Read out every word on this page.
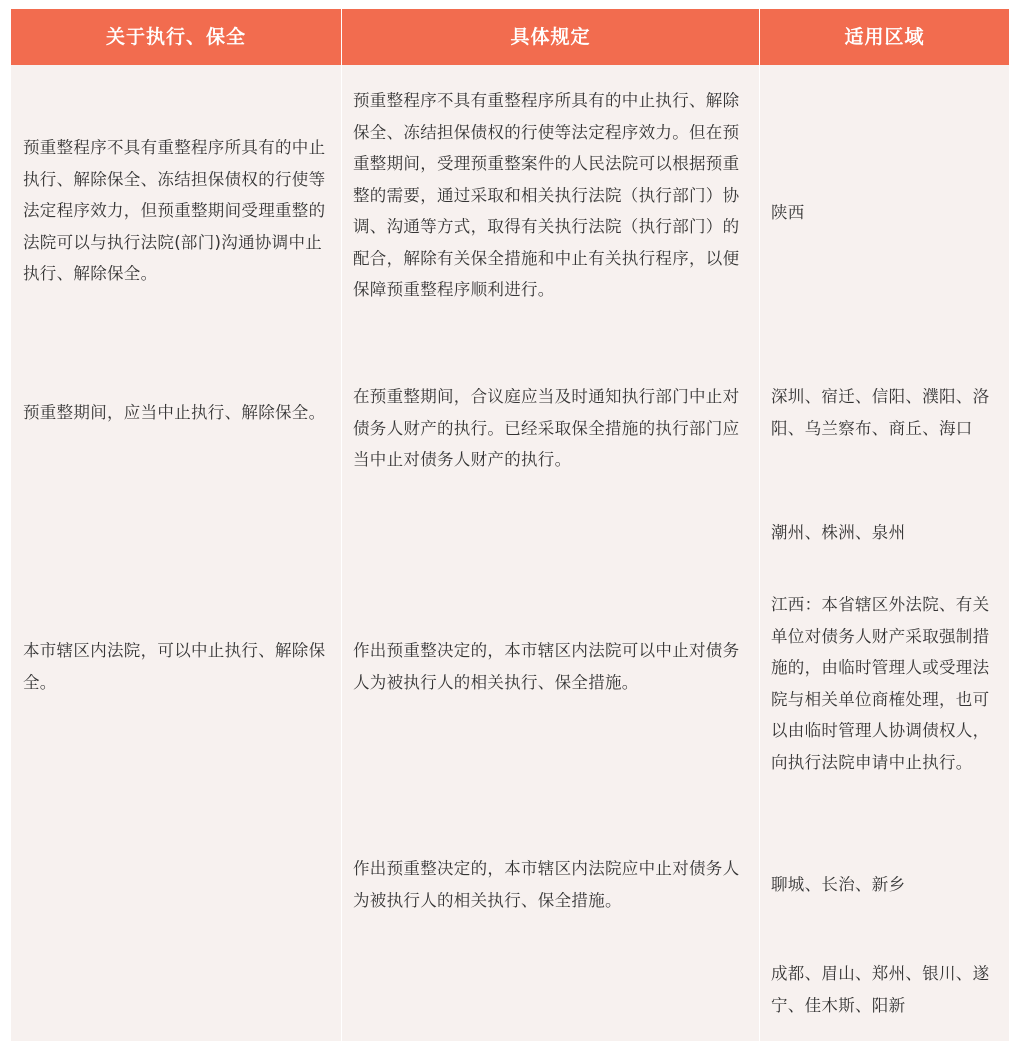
关于执行、保全	具体规定	适用区域
预重整程序不具有重整程序所具有的中止执行、解除保全、冻结担保债权的行使等法定程序效力，但预重整期间受理重整的法院可以与执行法院(部门)沟通协调中止执行、解除保全。
预重整程序不具有重整程序所具有的中止执行、解除保全、冻结担保债权的行使等法定程序效力。但在预重整期间，受理预重整案件的人民法院可以根据预重整的需要，通过采取和相关执行法院（执行部门）协调、沟通等方式，取得有关执行法院（执行部门）的配合，解除有关保全措施和中止有关执行程序，以便保障预重整程序顺利进行。
陕西
预重整期间，应当中止执行、解除保全。
在预重整期间，合议庭应当及时通知执行部门中止对债务人财产的执行。已经采取保全措施的执行部门应当中止对债务人财产的执行。
深圳、宿迁、信阳、濮阳、洛阳、乌兰察布、商丘、海口
潮州、株洲、泉州
本市辖区内法院，可以中止执行、解除保全。
作出预重整决定的，本市辖区内法院可以中止对债务人为被执行人的相关执行、保全措施。
江西：本省辖区外法院、有关单位对债务人财产采取强制措施的，由临时管理人或受理法院与相关单位商榷处理，也可以由临时管理人协调债权人，向执行法院申请中止执行。
作出预重整决定的，本市辖区内法院应中止对债务人为被执行人的相关执行、保全措施。
聊城、长治、新乡
成都、眉山、郑州、银川、遂宁、佳木斯、阳新
